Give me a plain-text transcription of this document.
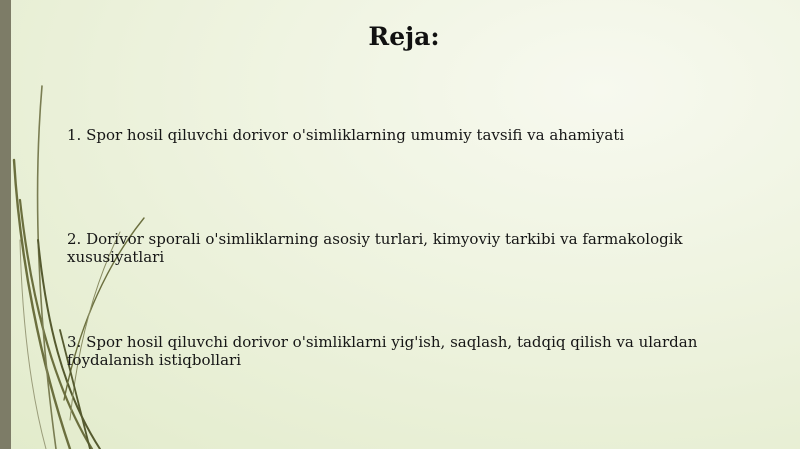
Reja:
1. Spor hosil qiluvchi dorivor o'simliklarning umumiy tavsifi va ahamiyati
2. Dorivor sporali o'simliklarning asosiy turlari, kimyoviy tarkibi va farmakologik xususiyatlari
3. Spor hosil qiluvchi dorivor o'simliklarni yig'ish, saqlash, tadqiq qilish va ulardan foydalanish istiqbollari
